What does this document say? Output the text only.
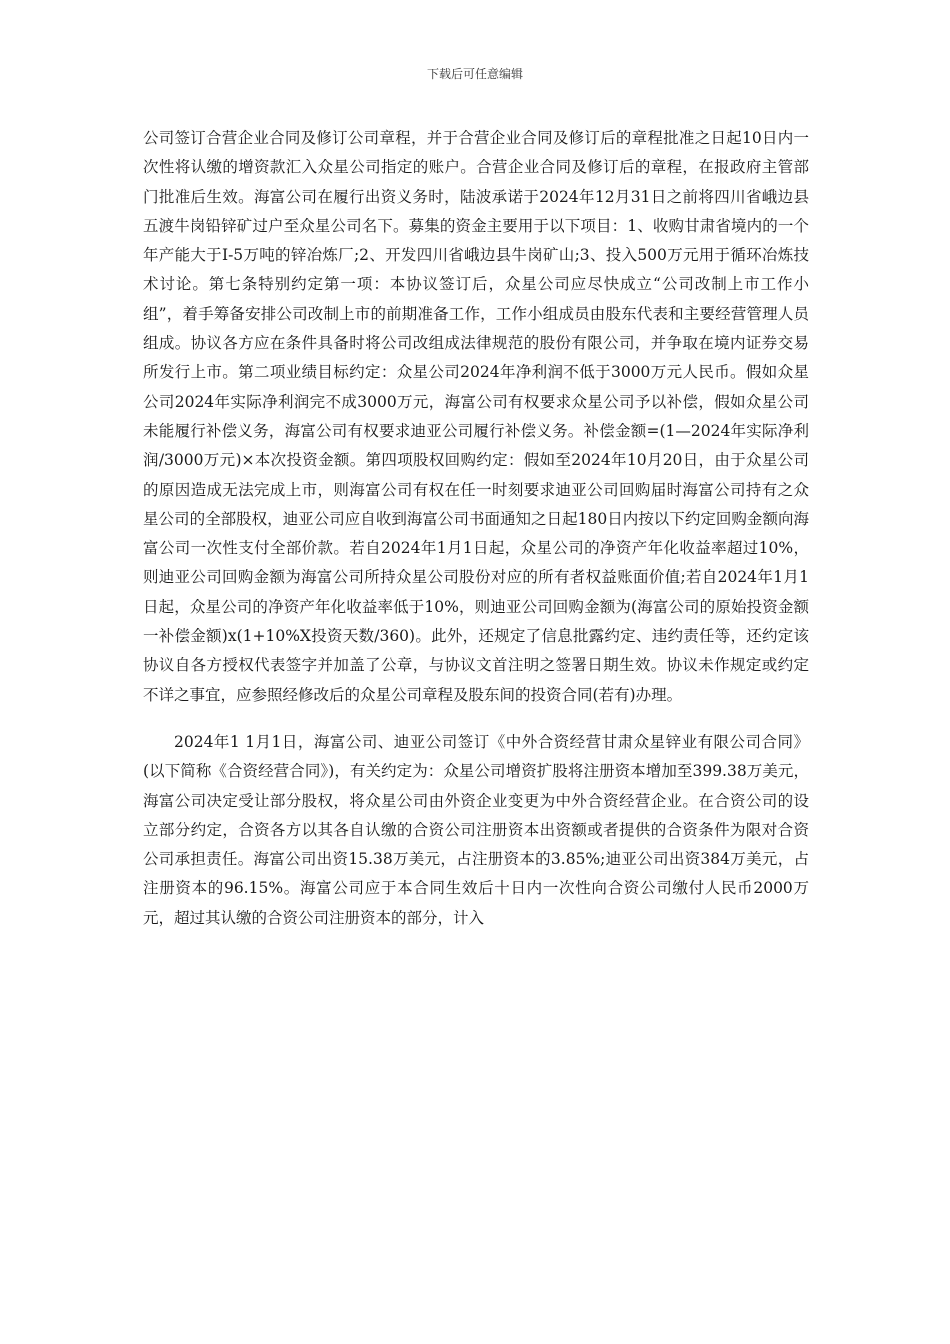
下载后可任意编辑

公司签订合营企业合同及修订公司章程，并于合营企业合同及修订后的章程批准之日起10日内一次性将认缴的增资款汇入众星公司指定的账户。合营企业合同及修订后的章程，在报政府主管部门批准后生效。海富公司在履行出资义务时，陆波承诺于2024年12月31日之前将四川省峨边县五渡牛岗铅锌矿过户至众星公司名下。募集的资金主要用于以下项目：1、收购甘肃省境内的一个年产能大于I-5万吨的锌冶炼厂;2、开发四川省峨边县牛岗矿山;3、投入500万元用于循环冶炼技术讨论。第七条特别约定第一项：本协议签订后，众星公司应尽快成立“公司改制上市工作小组”，着手筹备安排公司改制上市的前期准备工作，工作小组成员由股东代表和主要经营管理人员组成。协议各方应在条件具备时将公司改组成法律规范的股份有限公司，并争取在境内证券交易所发行上市。第二项业绩目标约定：众星公司2024年净利润不低于3000万元人民币。假如众星公司2024年实际净利润完不成3000万元，海富公司有权要求众星公司予以补偿，假如众星公司未能履行补偿义务，海富公司有权要求迪亚公司履行补偿义务。补偿金额=(1—2024年实际净利润/3000万元)×本次投资金额。第四项股权回购约定：假如至2024年10月20日，由于众星公司的原因造成无法完成上市，则海富公司有权在任一时刻要求迪亚公司回购届时海富公司持有之众星公司的全部股权，迪亚公司应自收到海富公司书面通知之日起180日内按以下约定回购金额向海富公司一次性支付全部价款。若自2024年1月1日起，众星公司的净资产年化收益率超过10%，则迪亚公司回购金额为海富公司所持众星公司股份对应的所有者权益账面价值;若自2024年1月1日起，众星公司的净资产年化收益率低于10%，则迪亚公司回购金额为(海富公司的原始投资金额一补偿金额)x(1+10%X投资天数/360)。此外，还规定了信息批露约定、违约责任等，还约定该协议自各方授权代表签字并加盖了公章，与协议文首注明之签署日期生效。协议未作规定或约定不详之事宜，应参照经修改后的众星公司章程及股东间的投资合同(若有)办理。

2024年1 1月1日，海富公司、迪亚公司签订《中外合资经营甘肃众星锌业有限公司合同》(以下简称《合资经营合同》)，有关约定为：众星公司增资扩股将注册资本增加至399.38万美元，海富公司决定受让部分股权，将众星公司由外资企业变更为中外合资经营企业。在合资公司的设立部分约定，合资各方以其各自认缴的合资公司注册资本出资额或者提供的合资条件为限对合资公司承担责任。海富公司出资15.38万美元，占注册资本的3.85%;迪亚公司出资384万美元，占注册资本的96.15%。海富公司应于本合同生效后十日内一次性向合资公司缴付人民币2000万元，超过其认缴的合资公司注册资本的部分，计入
